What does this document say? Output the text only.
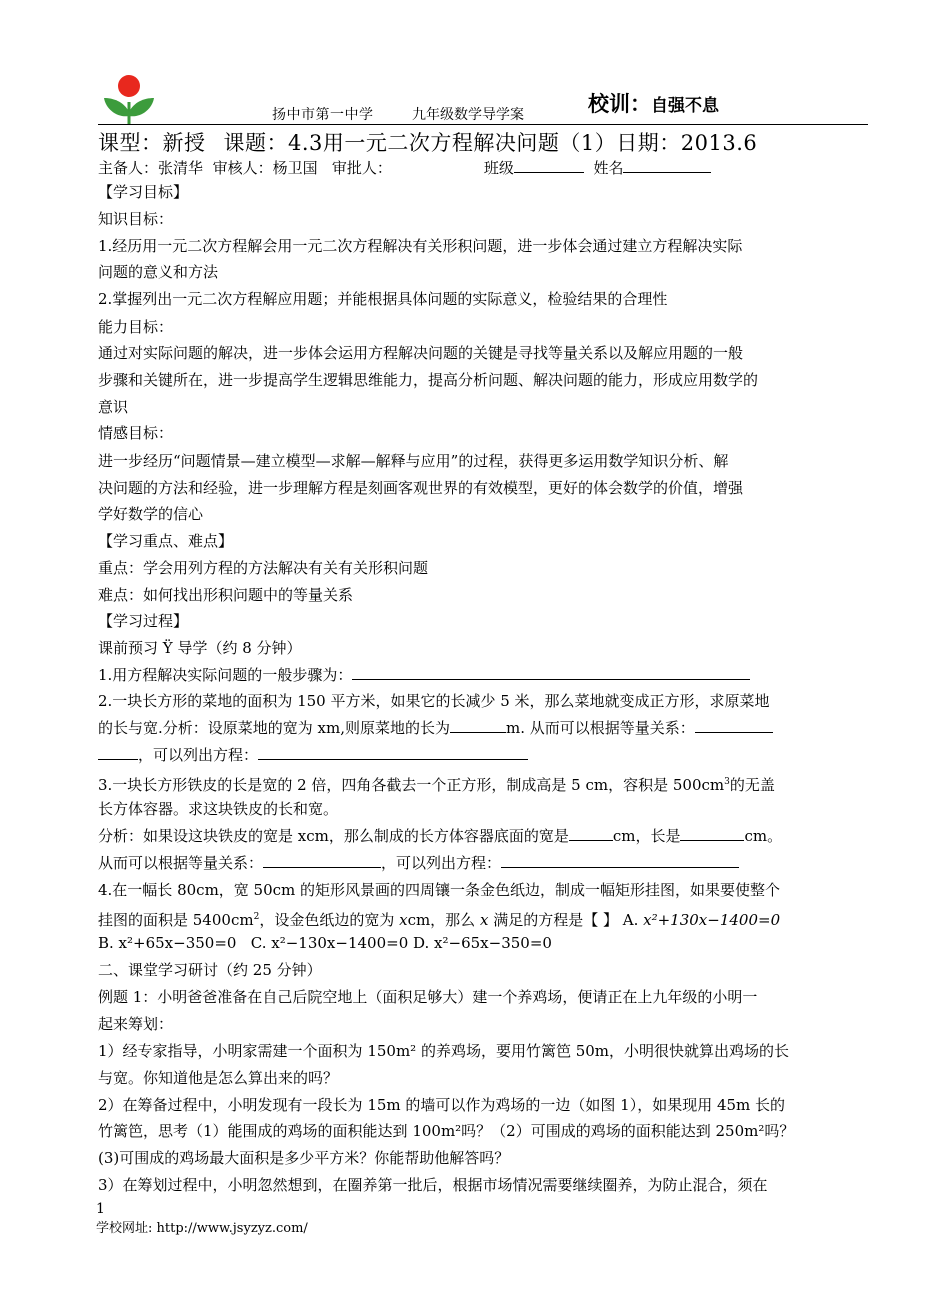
扬中市第一中学	九年级数学导学案	校训：自强不息
课型：新授 课题：4.3用一元二次方程解决问题（1）日期：2013.6
主备人：张清华 审核人：杨卫国 审批人：	班级	姓名
【学习目标】
知识目标：
1.经历用一元二次方程解会用一元二次方程解决有关形积问题，进一步体会通过建立方程解决实际
问题的意义和方法
2.掌握列出一元二次方程解应用题；并能根据具体问题的实际意义，检验结果的合理性
能力目标：
通过对实际问题的解决，进一步体会运用方程解决问题的关键是寻找等量关系以及解应用题的一般
步骤和关键所在，进一步提高学生逻辑思维能力，提高分析问题、解决问题的能力，形成应用数学的
意识
情感目标：
进一步经历“问题情景—建立模型—求解—解释与应用”的过程，获得更多运用数学知识分析、解
决问题的方法和经验，进一步理解方程是刻画客观世界的有效模型，更好的体会数学的价值，增强
学好数学的信心
【学习重点、难点】
重点：学会用列方程的方法解决有关有关形积问题
难点：如何找出形积问题中的等量关系
【学习过程】
课前预习 Ÿ 导学（约 8 分钟）
1.用方程解决实际问题的一般步骤为：
2.一块长方形的菜地的面积为 150 平方米，如果它的长减少 5 米，那么菜地就变成正方形，求原菜地
的长与宽.分析：设原菜地的宽为 xm,则原菜地的长为	m. 从而可以根据等量关系：
，可以列出方程：
3.一块长方形铁皮的长是宽的 2 倍，四角各截去一个正方形，制成高是 5 cm，容积是 $500cm^3$的无盖
长方体容器。求这块铁皮的长和宽。
分析：如果设这块铁皮的宽是 xcm，那么制成的长方体容器底面的宽是	cm，长是	cm。
从而可以根据等量关系：	，可以列出方程：
4.在一幅长 80cm，宽 50cm 的矩形风景画的四周镶一条金色纸边，制成一幅矩形挂图，如果要使整个
挂图的面积是 $5400cm^2$，设金色纸边的宽为 xcm，那么 x 满足的方程是【 】 A. x²+130x−1400=0
B. x²+65x−350=0 C. x²−130x−1400=0 D. x²−65x−350=0
二、课堂学习研讨（约 25 分钟）
例题 1：小明爸爸准备在自己后院空地上（面积足够大）建一个养鸡场，便请正在上九年级的小明一
起来筹划：
1）经专家指导，小明家需建一个面积为 150m² 的养鸡场，要用竹篱笆 50m，小明很快就算出鸡场的长
与宽。你知道他是怎么算出来的吗？
2）在筹备过程中，小明发现有一段长为 15m 的墙可以作为鸡场的一边（如图 1），如果现用 45m 长的
竹篱笆，思考（1）能围成的鸡场的面积能达到 100m²吗？（2）可围成的鸡场的面积能达到 250m²吗？
(3)可围成的鸡场最大面积是多少平方米？你能帮助他解答吗？
3）在筹划过程中，小明忽然想到，在圈养第一批后，根据市场情况需要继续圈养，为防止混合，须在
1
学校网址: http://www.jsyzyz.com/
